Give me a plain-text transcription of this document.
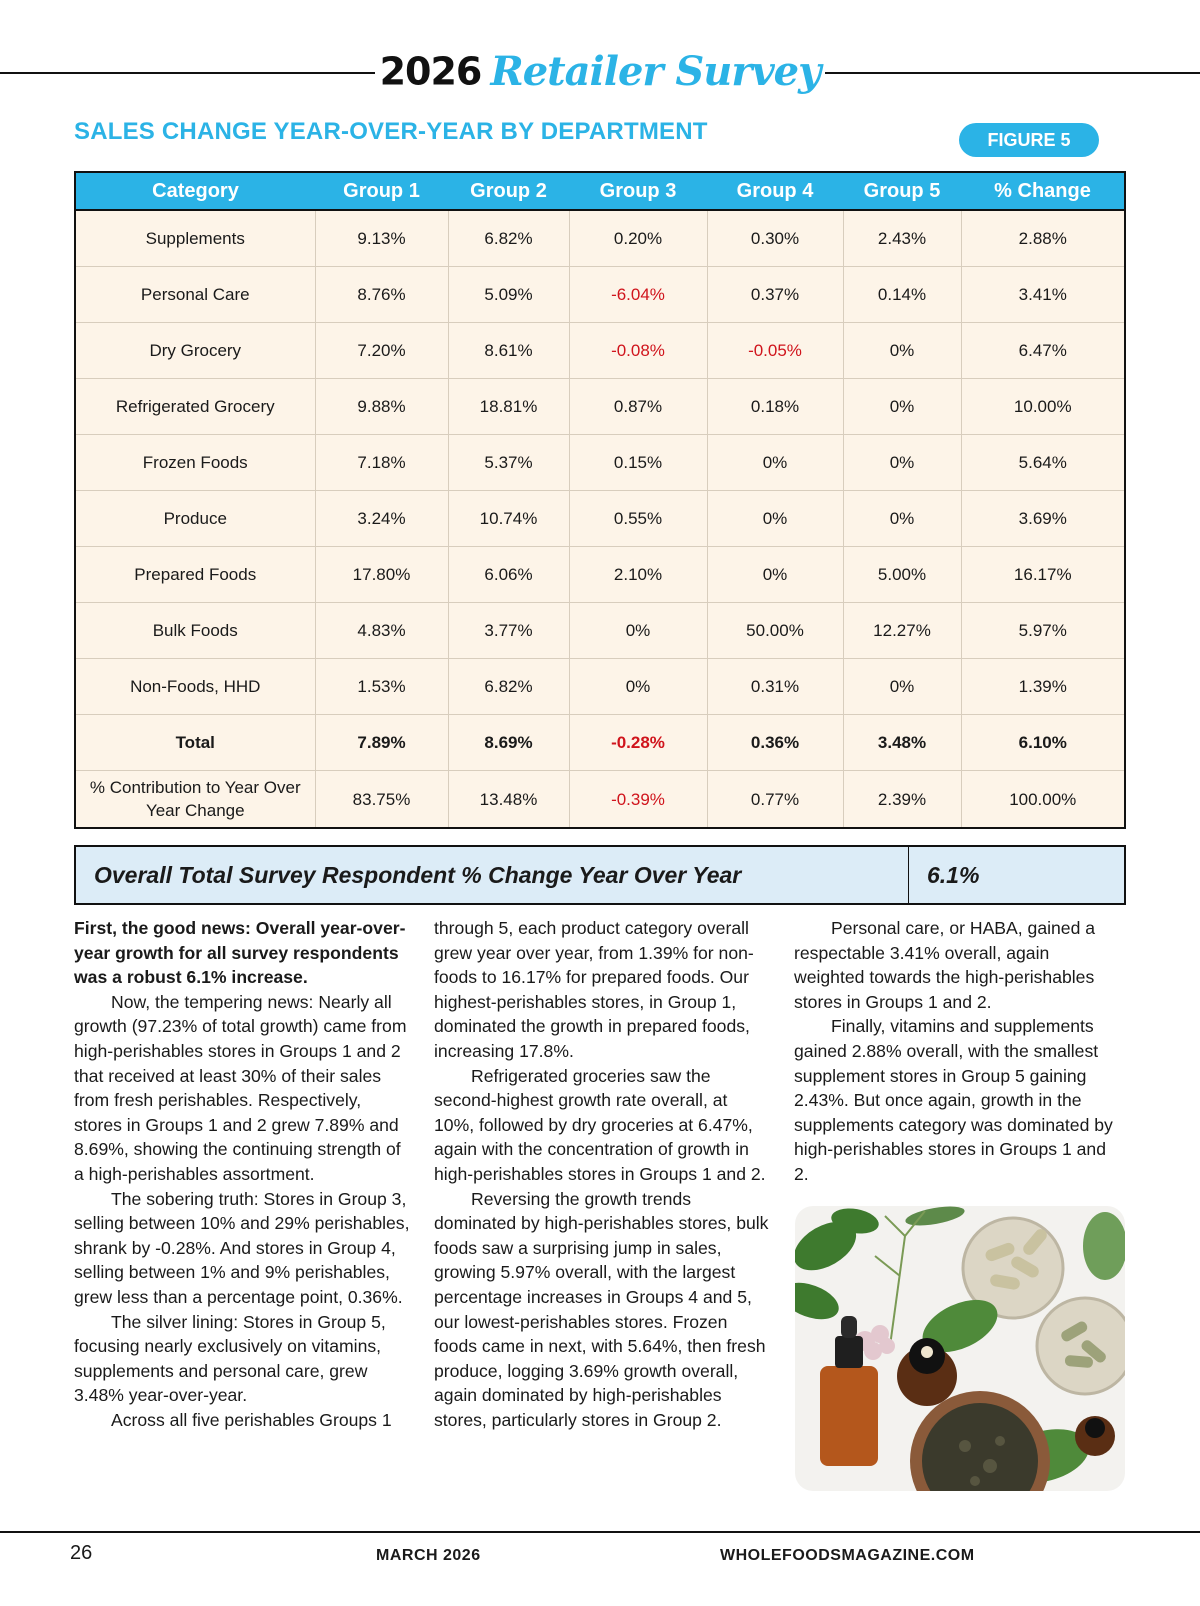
2026 Retailer Survey
SALES CHANGE YEAR-OVER-YEAR BY DEPARTMENT	FIGURE 5
Category	Group 1	Group 2	Group 3	Group 4	Group 5	% Change
Supplements	9.13%	6.82%	0.20%	0.30%	2.43%	2.88%
Personal Care	8.76%	5.09%	-6.04%	0.37%	0.14%	3.41%
Dry Grocery	7.20%	8.61%	-0.08%	-0.05%	0%	6.47%
Refrigerated Grocery	9.88%	18.81%	0.87%	0.18%	0%	10.00%
Frozen Foods	7.18%	5.37%	0.15%	0%	0%	5.64%
Produce	3.24%	10.74%	0.55%	0%	0%	3.69%
Prepared Foods	17.80%	6.06%	2.10%	0%	5.00%	16.17%
Bulk Foods	4.83%	3.77%	0%	50.00%	12.27%	5.97%
Non-Foods, HHD	1.53%	6.82%	0%	0.31%	0%	1.39%
Total	7.89%	8.69%	-0.28%	0.36%	3.48%	6.10%
% Contribution to Year Over Year Change	83.75%	13.48%	-0.39%	0.77%	2.39%	100.00%
Overall Total Survey Respondent % Change Year Over Year	6.1%

First, the good news: Overall year-over-year growth for all survey respondents was a robust 6.1% increase.

Now, the tempering news: Nearly all growth (97.23% of total growth) came from high-perishables stores in Groups 1 and 2 that received at least 30% of their sales from fresh perishables. Respectively, stores in Groups 1 and 2 grew 7.89% and 8.69%, showing the continuing strength of a high-perishables assortment.

The sobering truth: Stores in Group 3, selling between 10% and 29% perishables, shrank by -0.28%. And stores in Group 4, selling between 1% and 9% perishables, grew less than a percentage point, 0.36%.

The silver lining: Stores in Group 5, focusing nearly exclusively on vitamins, supplements and personal care, grew 3.48% year-over-year.

Across all five perishables Groups 1

through 5, each product category overall grew year over year, from 1.39% for non-foods to 16.17% for prepared foods. Our highest-perishables stores, in Group 1, dominated the growth in prepared foods, increasing 17.8%.

Refrigerated groceries saw the second-highest growth rate overall, at 10%, followed by dry groceries at 6.47%, again with the concentration of growth in high-perishables stores in Groups 1 and 2.

Reversing the growth trends dominated by high-perishables stores, bulk foods saw a surprising jump in sales, growing 5.97% overall, with the largest percentage increases in Groups 4 and 5, our lowest-perishables stores. Frozen foods came in next, with 5.64%, then fresh produce, logging 3.69% growth overall, again dominated by high-perishables stores, particularly stores in Group 2.

Personal care, or HABA, gained a respectable 3.41% overall, again weighted towards the high-perishables stores in Groups 1 and 2.

Finally, vitamins and supplements gained 2.88% overall, with the smallest supplement stores in Group 5 gaining 2.43%. But once again, growth in the supplements category was dominated by high-perishables stores in Groups 1 and 2.

26	MARCH 2026	WHOLEFOODSMAGAZINE.COM
